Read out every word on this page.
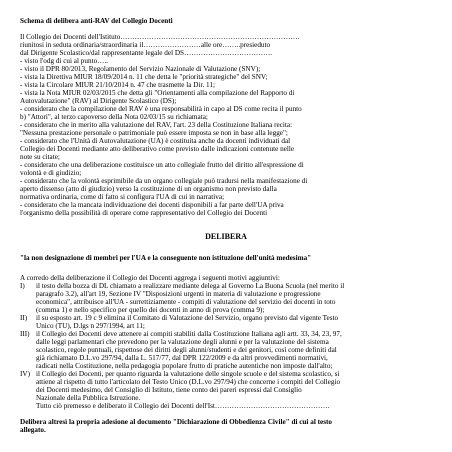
Schema di delibera anti-RAV del Collegio Docenti
Il Collegio dei Docenti dell'Istituto…………………………………………………………………
riunitosi in seduta ordinaria/straordinaria il……………………alle ore……..presieduto
dal Dirigente Scolastico/dal rappresentante legale del DS……………………………….
- visto l'odg di cui al punto…..
- visto il DPR 80/2013, Regolamento del Servizio Nazionale di Valutazione (SNV);
- vista la Direttiva MIUR 18/09/2014 n. 11 che detta le "priorità strategiche" del SNV;
- vista la Circolare MIUR 21/10/2014 n. 47 che trasmette la Dir. 11;
- vista la Nota MIUR 02/03/2015 che detta gli "Orientamenti alla compilazione del Rapporto di
Autovalutazione" (RAV) al Dirigente Scolastico (DS);
- considerato che la compilazione del RAV è una responsabilità in capo al DS come recita il punto
b) "Attori", al terzo capoverso della Nota 02/03/15 su richiamata;
- considerato che in merito alla valutazione del RAV, l'art. 23 della Costituzione Italiana recita:
"Nessuna prestazione personale o patrimoniale può essere imposta se non in base alla legge";
- considerato che l'Unità di Autovalutazione (UA) è costituita anche da docenti individuati dal
Collegio dei Docenti mediante atto deliberativo come previsto dalle indicazioni contenute nelle
note su citate;
- considerato che una deliberazione costituisce un atto collegiale frutto del diritto all'espressione di
volontà e di giudizio;
- considerato che la volontà esprimibile da un organo collegiale può tradursi nella manifestazione di
aperto dissenso (atto di giudizio) verso la costituzione di un organismo non previsto dalla
normativa ordinaria, come di fatto si configura l'UA di cui in narrativa;
- considerato che la mancata individuazione dei docenti disponibili a far parte dell'UA priva
l'organismo della possibilità di operare come rappresentativo del Collegio dei Docenti
DELIBERA
"la non designazione di membri per l'UA e la conseguente non istituzione dell'unità medesima"
A corredo della deliberazione il Collegio dei Docenti aggrega i seguenti motivi aggiuntivi:
I) il testo della bozza di DL chiamato a realizzare mediante delega al Governo La Buona Scuola (nel merito il
paragrafo 3.2), all'art 19, Sezione IV "Disposizioni urgenti in materia di valutazione e progressione
economica", attribuisce all'UA - surrettiziamente - compiti di valutazione del servizio dei docenti in toto
(comma 1) e nello specifico per quello dei docenti in anno di prova (comma 9);
II) il su esposto art. 19 c 9 elimina il Comitato di Valutazione del Servizio, organo previsto dal vigente Testo
Unico (TU), D.lgs n 297/1994, art 11;
III) il Collegio dei Docenti deve attenere ai compiti stabiliti dalla Costituzione Italiana agli artt. 33, 34, 23, 97,
dalle leggi parlamentari che prevedono per la valutazione degli alunni e per la valutazione del sistema
scolastico, regole puntuali, rispettose dei diritti degli alunni/studenti e dei genitori, così come definiti dal
già richiamato D.L.vo 297/94, dalla L. 517/77, dal DPR 122/2009 e da altri provvedimenti normativi,
radicati nella Costituzione, nella pedagogia popolare frutto di pratiche autentiche non imposte dall'alto;
IV) il Collegio dei Docenti, per quanto riguarda la valutazione delle singole scuole e del sistema scolastico, si
attiene al rispetto di tutto l'articolato del Testo Unico (D.L.vo 297/94) che concerne i compiti del Collegio
dei Docenti medesimo, del Consiglio di Istituto, tiene conto dei pareri espressi dal Consiglio
Nazionale della Pubblica Istruzione.
Tutto ciò premesso e deliberato il Collegio dei Docenti dell'Ist…………………………………………
Delibera altresì la propria adesione al documento "Dichiarazione di Obbedienza Civile" di cui al testo
allegato.
